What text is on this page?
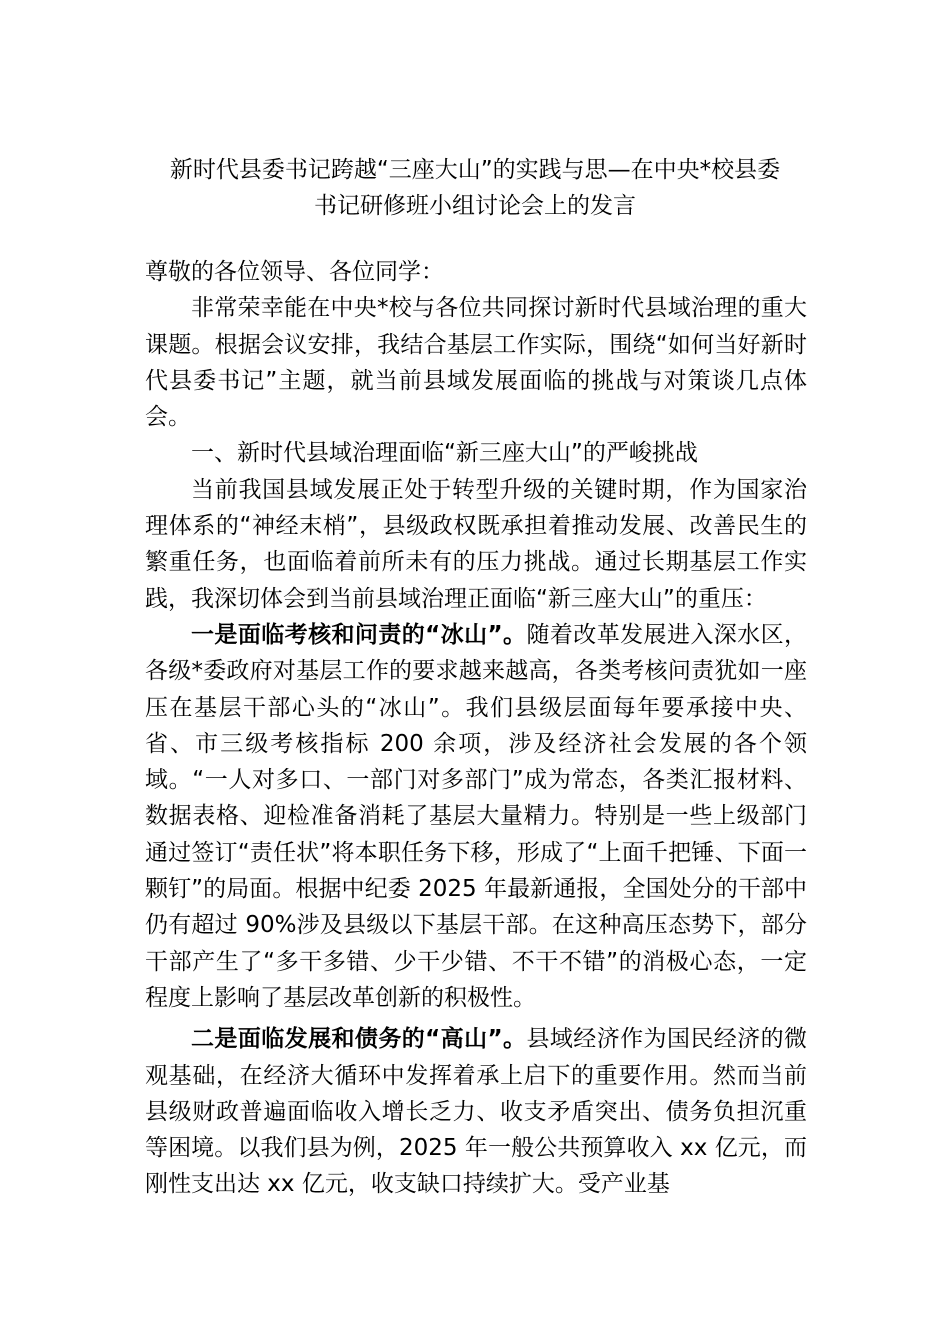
新时代县委书记跨越“三座大山”的实践与思—在中央*校县委
书记研修班小组讨论会上的发言

尊敬的各位领导、各位同学：

非常荣幸能在中央*校与各位共同探讨新时代县域治理的重大课题。根据会议安排，我结合基层工作实际，围绕“如何当好新时代县委书记”主题，就当前县域发展面临的挑战与对策谈几点体会。

一、新时代县域治理面临“新三座大山”的严峻挑战

当前我国县域发展正处于转型升级的关键时期，作为国家治理体系的“神经末梢”，县级政权既承担着推动发展、改善民生的繁重任务，也面临着前所未有的压力挑战。通过长期基层工作实践，我深切体会到当前县域治理正面临“新三座大山”的重压：

一是面临考核和问责的“冰山”。随着改革发展进入深水区，各级*委政府对基层工作的要求越来越高，各类考核问责犹如一座压在基层干部心头的“冰山”。我们县级层面每年要承接中央、省、市三级考核指标 200 余项，涉及经济社会发展的各个领域。“一人对多口、一部门对多部门”成为常态，各类汇报材料、数据表格、迎检准备消耗了基层大量精力。特别是一些上级部门通过签订“责任状”将本职任务下移，形成了“上面千把锤、下面一颗钉”的局面。根据中纪委 2025 年最新通报，全国处分的干部中仍有超过 90%涉及县级以下基层干部。在这种高压态势下，部分干部产生了“多干多错、少干少错、不干不错”的消极心态，一定程度上影响了基层改革创新的积极性。

二是面临发展和债务的“高山”。县域经济作为国民经济的微观基础，在经济大循环中发挥着承上启下的重要作用。然而当前县级财政普遍面临收入增长乏力、收支矛盾突出、债务负担沉重等困境。以我们县为例，2025 年一般公共预算收入 xx 亿元，而刚性支出达 xx 亿元，收支缺口持续扩大。受产业基
